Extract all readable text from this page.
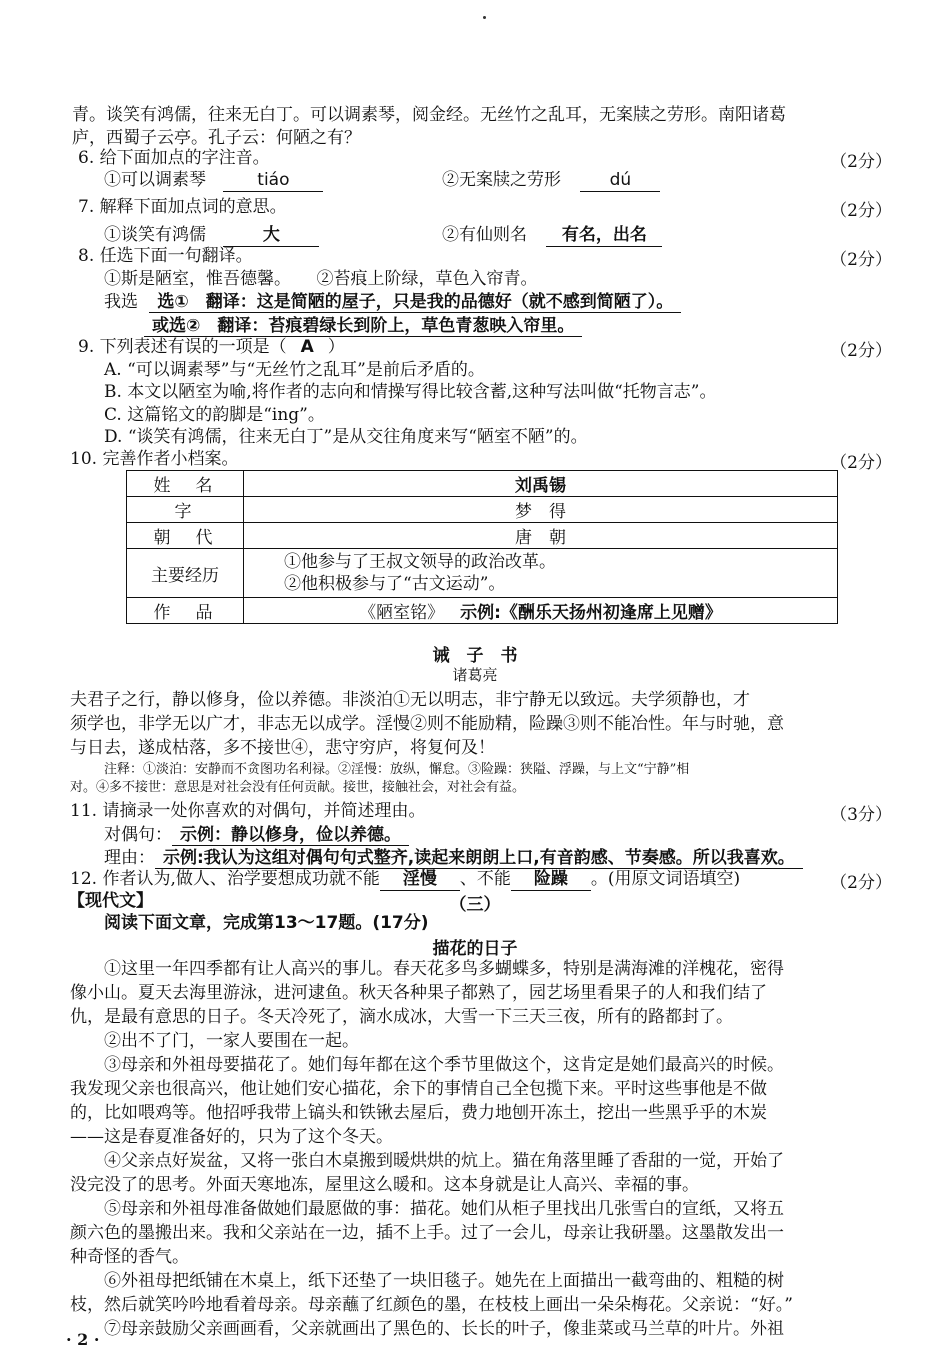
青。谈笑有鸿儒，往来无白丁。可以调素琴，阅金经。无丝竹之乱耳，无案牍之劳形。南阳诸葛
庐，西蜀子云亭。孔子云：何陋之有？
6. 给下面加点的字注音。	（2分）
①可以调素琴	tiáo	②无案牍之劳形	dú
7. 解释下面加点词的意思。	（2分）
①谈笑有鸿儒	大	②有仙则名 有名，出名
8. 任选下面一句翻译。	（2分）
①斯是陋室，惟吾德馨。　　②苔痕上阶绿，草色入帘青。
我选 选①　翻译：这是简陋的屋子，只是我的品德好（就不感到简陋了）。
或选②　翻译：苔痕碧绿长到阶上，草色青葱映入帘里。
9. 下列表述有误的一项是（ A ）	（2分）
A. “可以调素琴”与“无丝竹之乱耳”是前后矛盾的。
B. 本文以陋室为喻,将作者的志向和情操写得比较含蓄,这种写法叫做“托物言志”。
C. 这篇铭文的韵脚是“ing”。
D. “谈笑有鸿儒，往来无白丁”是从交往角度来写“陋室不陋”的。
10. 完善作者小档案。	（2分）
姓　名	刘禹锡
字	梦　得
朝　代	唐　朝
主要经历	①他参与了王叔文领导的政治改革。
②他积极参与了“古文运动”。

作　品	《陋室铭》 示例:《酬乐天扬州初逢席上见赠》
诫　子　书
诸葛亮
夫君子之行，静以修身，俭以养德。非淡泊①无以明志，非宁静无以致远。夫学须静也，才
须学也，非学无以广才，非志无以成学。淫慢②则不能励精，险躁③则不能冶性。年与时驰，意
与日去，遂成枯落，多不接世④，悲守穷庐，将复何及！
注释：①淡泊：安静而不贪图功名利禄。②淫慢：放纵，懈怠。③险躁：狭隘、浮躁，与上文“宁静”相
对。④多不接世：意思是对社会没有任何贡献。接世，接触社会，对社会有益。
11. 请摘录一处你喜欢的对偶句，并简述理由。	（3分）
对偶句： 示例：静以修身，俭以养德。
理由： 示例:我认为这组对偶句句式整齐,读起来朗朗上口,有音韵感、节奏感。所以我喜欢。
12. 作者认为,做人、治学要想成功就不能 淫慢 、不能 险躁 。(用原文词语填空)	（2分）
【现代文】	（三）
阅读下面文章，完成第13～17题。(17分)
描花的日子
①这里一年四季都有让人高兴的事儿。春天花多鸟多蝴蝶多，特别是满海滩的洋槐花，密得
像小山。夏天去海里游泳，进河逮鱼。秋天各种果子都熟了，园艺场里看果子的人和我们结了
仇，是最有意思的日子。冬天冷死了，滴水成冰，大雪一下三天三夜，所有的路都封了。
②出不了门，一家人要围在一起。
③母亲和外祖母要描花了。她们每年都在这个季节里做这个，这肯定是她们最高兴的时候。
我发现父亲也很高兴，他让她们安心描花，余下的事情自己全包揽下来。平时这些事他是不做
的，比如喂鸡等。他招呼我带上镐头和铁锹去屋后，费力地刨开冻土，挖出一些黑乎乎的木炭
——这是春夏准备好的，只为了这个冬天。
④父亲点好炭盆，又将一张白木桌搬到暖烘烘的炕上。猫在角落里睡了香甜的一觉，开始了
没完没了的思考。外面天寒地冻，屋里这么暖和。这本身就是让人高兴、幸福的事。
⑤母亲和外祖母准备做她们最愿做的事：描花。她们从柜子里找出几张雪白的宣纸，又将五
颜六色的墨搬出来。我和父亲站在一边，插不上手。过了一会儿，母亲让我研墨。这墨散发出一
种奇怪的香气。
⑥外祖母把纸铺在木桌上，纸下还垫了一块旧毯子。她先在上面描出一截弯曲的、粗糙的树
枝，然后就笑吟吟地看着母亲。母亲蘸了红颜色的墨，在枝枝上画出一朵朵梅花。父亲说：“好。”
⑦母亲鼓励父亲画画看，父亲就画出了黑色的、长长的叶子，像韭菜或马兰草的叶片。外祖
· 2 ·
